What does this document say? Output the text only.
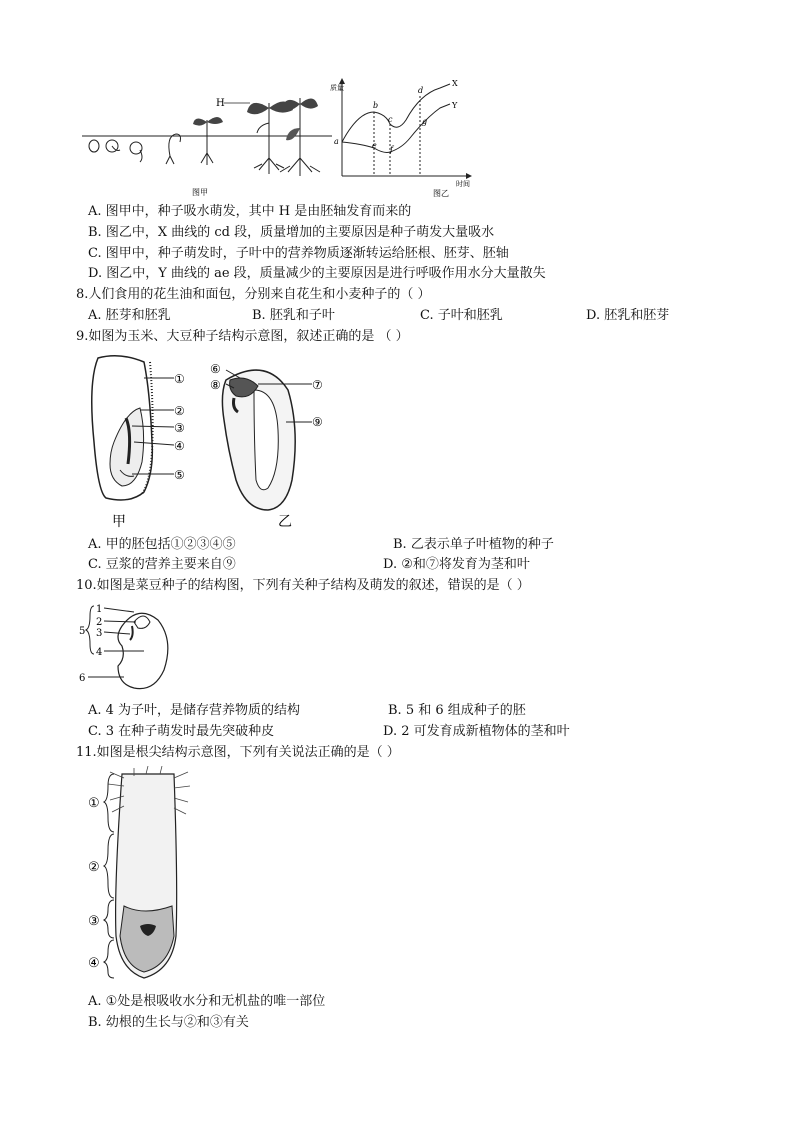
H
图甲
质量
时间
图乙
a
b
c
d
e f
g
X
Y
A. 图甲中，种子吸水萌发，其中 H 是由胚轴发育而来的
B. 图乙中，X 曲线的 cd 段，质量增加的主要原因是种子萌发大量吸水
C. 图甲中，种子萌发时，子叶中的营养物质逐渐转运给胚根、胚芽、胚轴
D. 图乙中，Y 曲线的 ae 段，质量减少的主要原因是进行呼吸作用水分大量散失
8.人们食用的花生油和面包，分别来自花生和小麦种子的（ ）
A. 胚芽和胚乳	B. 胚乳和子叶	C. 子叶和胚乳	D. 胚乳和胚芽
9.如图为玉米、大豆种子结构示意图，叙述正确的是 （ ）
①
②
③
④
⑤
甲
⑥
⑧	⑦
⑨
乙
A. 甲的胚包括①②③④⑤	B. 乙表示单子叶植物的种子
C. 豆浆的营养主要来自⑨	D. ②和⑦将发育为茎和叶
10.如图是菜豆种子的结构图，下列有关种子结构及萌发的叙述，错误的是（ ）
1
2
3
4
5
6
A. 4 为子叶，是储存营养物质的结构	B. 5 和 6 组成种子的胚
C. 3 在种子萌发时最先突破种皮	D. 2 可发育成新植物体的茎和叶
11.如图是根尖结构示意图，下列有关说法正确的是（ ）
①
②
③
④
A. ①处是根吸收水分和无机盐的唯一部位
B. 幼根的生长与②和③有关
